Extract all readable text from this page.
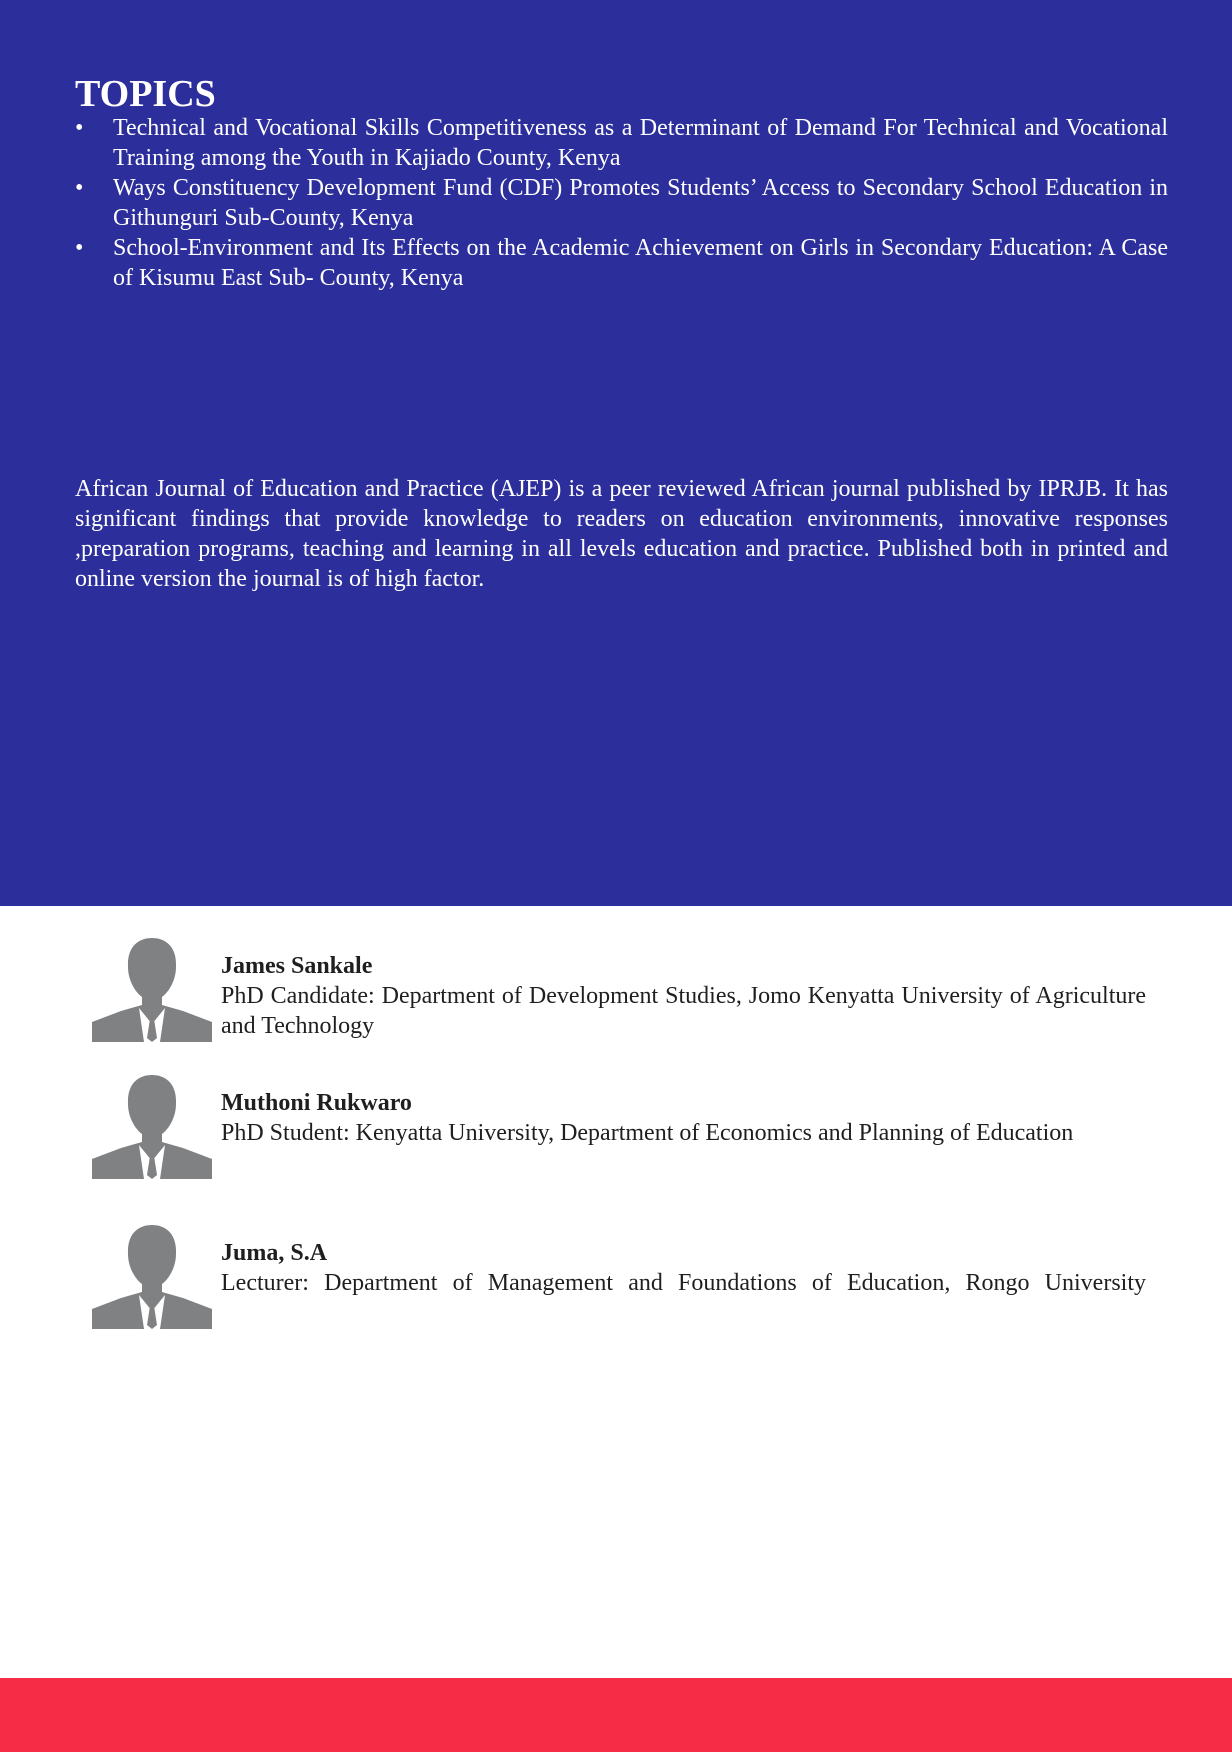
TOPICS
• Technical and Vocational Skills Competitiveness as a Determinant of Demand For Technical and Vocational Training among the Youth in Kajiado County, Kenya
• Ways Constituency Development Fund (CDF) Promotes Students’ Access to Secondary School Education in Githunguri Sub-County, Kenya
• School-Environment and Its Effects on the Academic Achievement on Girls in Secondary Education: A Case of Kisumu East Sub- County, Kenya

African Journal of Education and Practice (AJEP) is a peer reviewed African journal published by IPRJB. It has significant findings that provide knowledge to readers on education environments, innovative responses ,preparation programs, teaching and learning in all levels education and practice. Published both in printed and online version the journal is of high factor.

James Sankale
PhD Candidate: Department of Development Studies, Jomo Kenyatta University of Agriculture and Technology
Muthoni Rukwaro
PhD Student: Kenyatta University, Department of Economics and Planning of Education
Juma, S.A
Lecturer: Department of Management and Foundations of Education, Rongo University
